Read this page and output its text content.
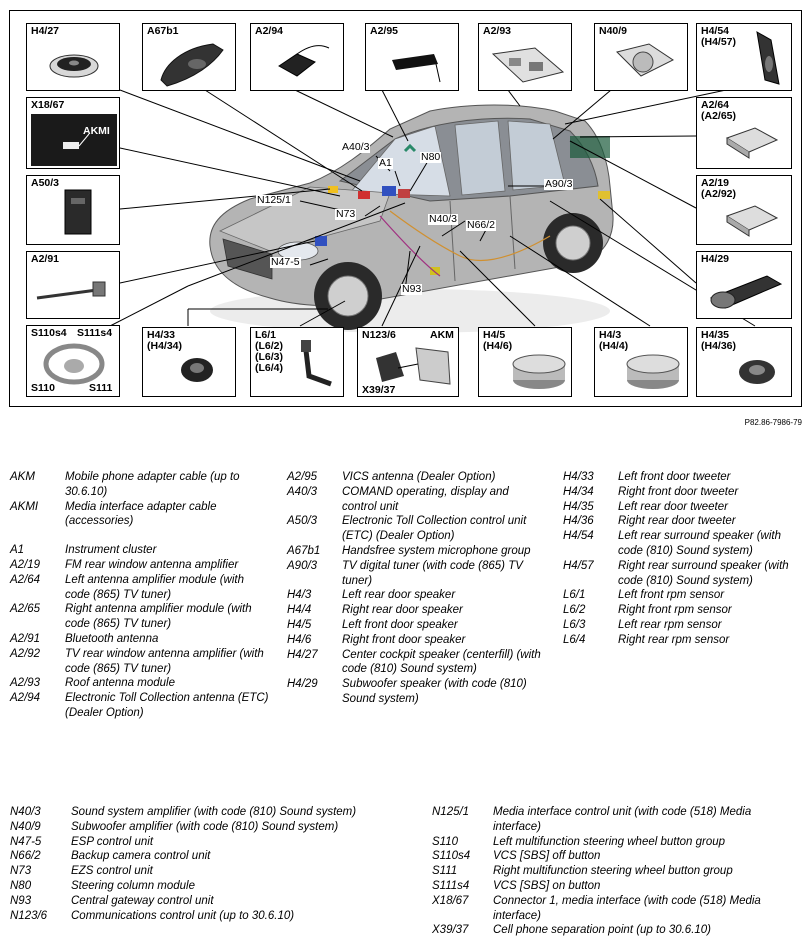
A40/3
A1	N80
N125/1
N73
A90/3
N40/3 N66/2
N47-5
N93
H4/27	A67b1	A2/94	A2/95	A2/93	N40/9	H4/54
(H4/57)
X18/67
AKMI
A50/3
A2/91
S110s4 S111s4
S110	S111
A2/64
(A2/65)
A2/19
(A2/92)
H4/29
H4/33
(H4/34)
L6/1
(L6/2)
(L6/3)
(L6/4)
N123/6	AKM
X39/37
H4/5
(H4/6)
H4/3
(H4/4)
H4/35
(H4/36)
P82.86-7986-79
AKM	Mobile phone adapter cable (up to 30.6.10)
AKMI	Media interface adapter cable (accessories)
A1	Instrument cluster
A2/19	FM rear window antenna amplifier
A2/64	Left antenna amplifier module (with code (865) TV tuner)
A2/65	Right antenna amplifier module (with code (865) TV tuner)
A2/91	Bluetooth antenna
A2/92	TV rear window antenna amplifier (with code (865) TV tuner)
A2/93	Roof antenna module
A2/94	Electronic Toll Collection antenna (ETC) (Dealer Option)
A2/95	VICS antenna (Dealer Option)
A40/3	COMAND operating, display and control unit
A50/3	Electronic Toll Collection control unit (ETC) (Dealer Option)
A67b1	Handsfree system microphone group
A90/3	TV digital tuner (with code (865) TV tuner)
H4/3	Left rear door speaker
H4/4	Right rear door speaker
H4/5	Left front door speaker
H4/6	Right front door speaker
H4/27	Center cockpit speaker (centerfill) (with code (810) Sound system)
H4/29	Subwoofer speaker (with code (810) Sound system)
H4/33	Left front door tweeter
H4/34	Right front door tweeter
H4/35	Left rear door tweeter
H4/36	Right rear door tweeter
H4/54	Left rear surround speaker (with code (810) Sound system)
H4/57	Right rear surround speaker (with code (810) Sound system)
L6/1	Left front rpm sensor
L6/2	Right front rpm sensor
L6/3	Left rear rpm sensor
L6/4	Right rear rpm sensor
N40/3	Sound system amplifier (with code (810) Sound system)
N40/9	Subwoofer amplifier (with code (810) Sound system)
N47-5	ESP control unit
N66/2	Backup camera control unit
N73	EZS control unit
N80	Steering column module
N93	Central gateway control unit
N123/6	Communications control unit (up to 30.6.10)
N125/1	Media interface control unit (with code (518) Media interface)
S110	Left multifunction steering wheel button group
S110s4	VCS [SBS] off button
S111	Right multifunction steering wheel button group
S111s4	VCS [SBS] on button
X18/67	Connector 1, media interface (with code (518) Media interface)
X39/37	Cell phone separation point (up to 30.6.10)
